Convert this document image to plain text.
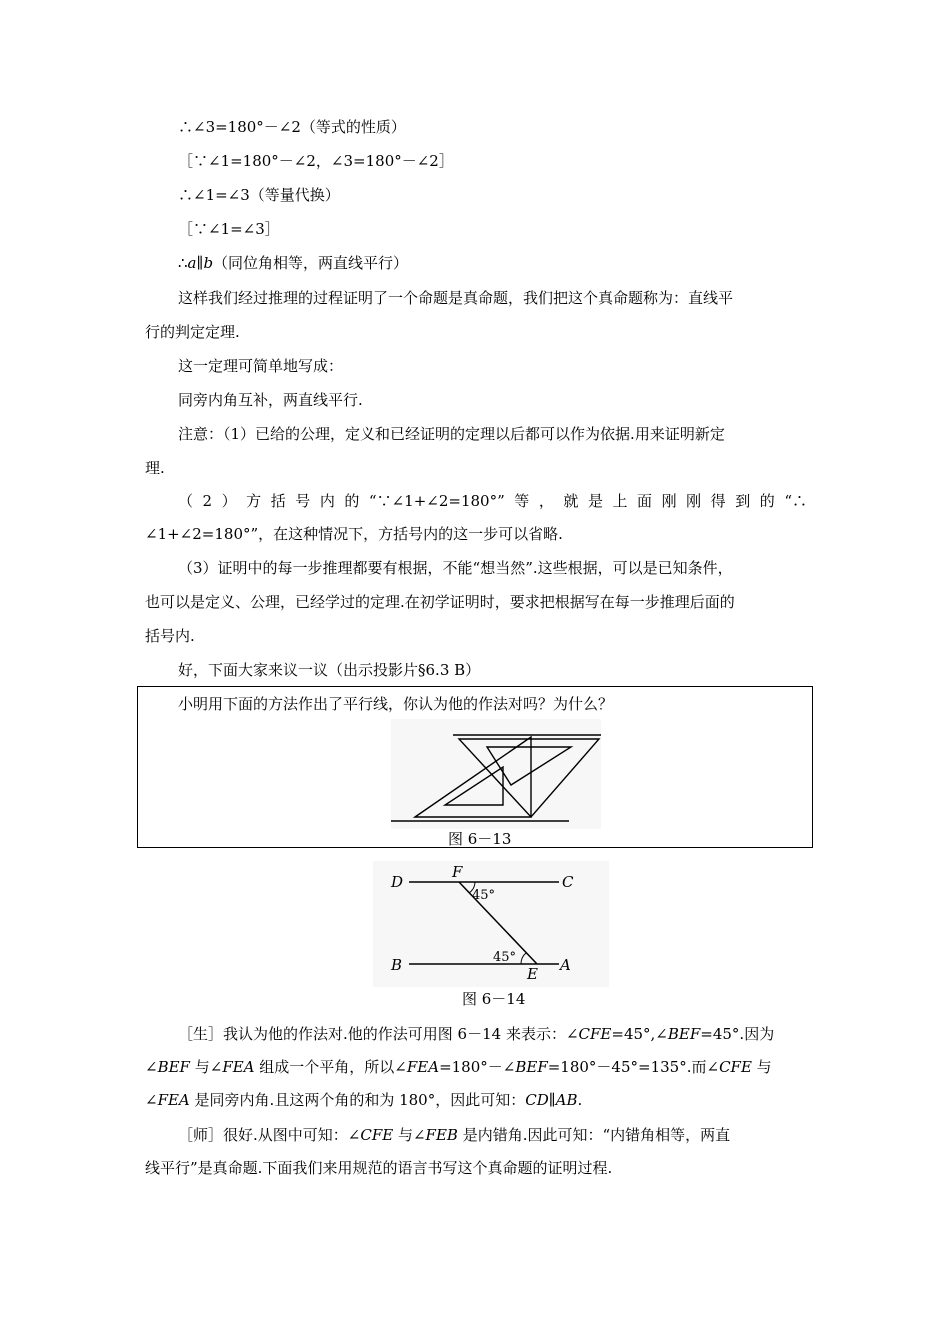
∴∠3=180°－∠2（等式的性质）
［∵∠1=180°－∠2，∠3=180°－∠2］
∴∠1=∠3（等量代换）
［∵∠1=∠3］
∴a∥b（同位角相等，两直线平行）
这样我们经过推理的过程证明了一个命题是真命题，我们把这个真命题称为：直线平
行的判定定理.
这一定理可简单地写成：
同旁内角互补，两直线平行.
注意：（1）已给的公理，定义和已经证明的定理以后都可以作为依据.用来证明新定
理.
（2）方括号内的“∵∠1+∠2=180°”等，就是上面刚刚得到的“∴
∠1+∠2=180°”，在这种情况下，方括号内的这一步可以省略.
（3）证明中的每一步推理都要有根据，不能“想当然”.这些根据，可以是已知条件，
也可以是定义、公理，已经学过的定理.在初学证明时，要求把根据写在每一步推理后面的
括号内.
好，下面大家来议一议（出示投影片§6.3 B）
小明用下面的方法作出了平行线，你认为他的作法对吗？为什么？
图 6－13
D
F
C
B	E A
45°
45°
图 6－14
［生］我认为他的作法对.他的作法可用图 6－14 来表示：∠CFE=45°,∠BEF=45°.因为
∠BEF 与∠FEA 组成一个平角，所以∠FEA=180°－∠BEF=180°－45°=135°.而∠CFE 与
∠FEA 是同旁内角.且这两个角的和为 180°，因此可知：CD∥AB.
［师］很好.从图中可知：∠CFE 与∠FEB 是内错角.因此可知：“内错角相等，两直
线平行”是真命题.下面我们来用规范的语言书写这个真命题的证明过程.
